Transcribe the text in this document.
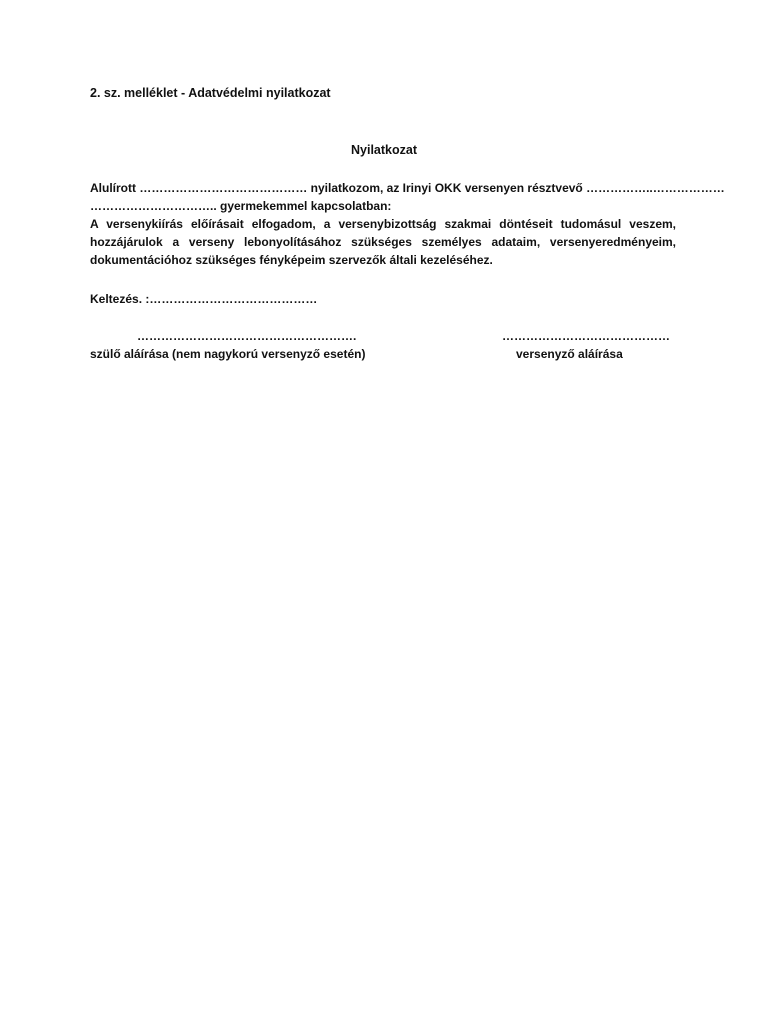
2. sz. melléklet - Adatvédelmi nyilatkozat
Nyilatkozat
Alulírott …………………………………… nyilatkozom, az Irinyi OKK versenyen résztvevő ……………..………………
………………………….. gyermekemmel kapcsolatban:
A versenykiírás előírásait elfogadom, a versenybizottság szakmai döntéseit tudomásul veszem, hozzájárulok a verseny lebonyolításához szükséges személyes adataim, versenyeredményeim, dokumentációhoz szükséges fényképeim szervezők általi kezeléséhez.
Keltezés. :……………………………………
……………………………………………….	……………………………………
szülő aláírása (nem nagykorú versenyző esetén)	versenyző aláírása
